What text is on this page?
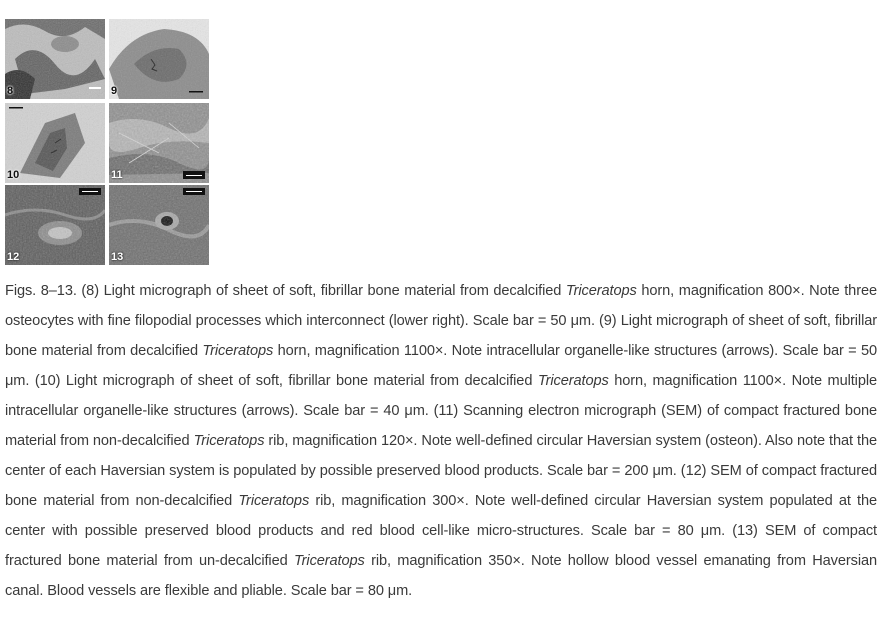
8	9
10	11
12	13

Figs. 8–13. (8) Light micrograph of sheet of soft, fibrillar bone material from decalcified Triceratops horn, magnification 800×. Note three osteocytes with fine filopodial processes which interconnect (lower right). Scale bar = 50 μm. (9) Light micrograph of sheet of soft, fibrillar bone material from decalcified Triceratops horn, magnification 1100×. Note intracellular organelle-like structures (arrows). Scale bar = 50 μm. (10) Light micrograph of sheet of soft, fibrillar bone material from decalcified Triceratops horn, magnification 1100×. Note multiple intracellular organelle-like structures (arrows). Scale bar = 40 μm. (11) Scanning electron micrograph (SEM) of compact fractured bone material from non-decalcified Triceratops rib, magnification 120×. Note well-defined circular Haversian system (osteon). Also note that the center of each Haversian system is populated by possible preserved blood products. Scale bar = 200 μm. (12) SEM of compact fractured bone material from non-decalcified Triceratops rib, magnification 300×. Note well-defined circular Haversian system populated at the center with possible preserved blood products and red blood cell-like micro-structures. Scale bar = 80 μm. (13) SEM of compact fractured bone material from un-decalcified Triceratops rib, magnification 350×. Note hollow blood vessel emanating from Haversian canal. Blood vessels are flexible and pliable. Scale bar = 80 μm.
